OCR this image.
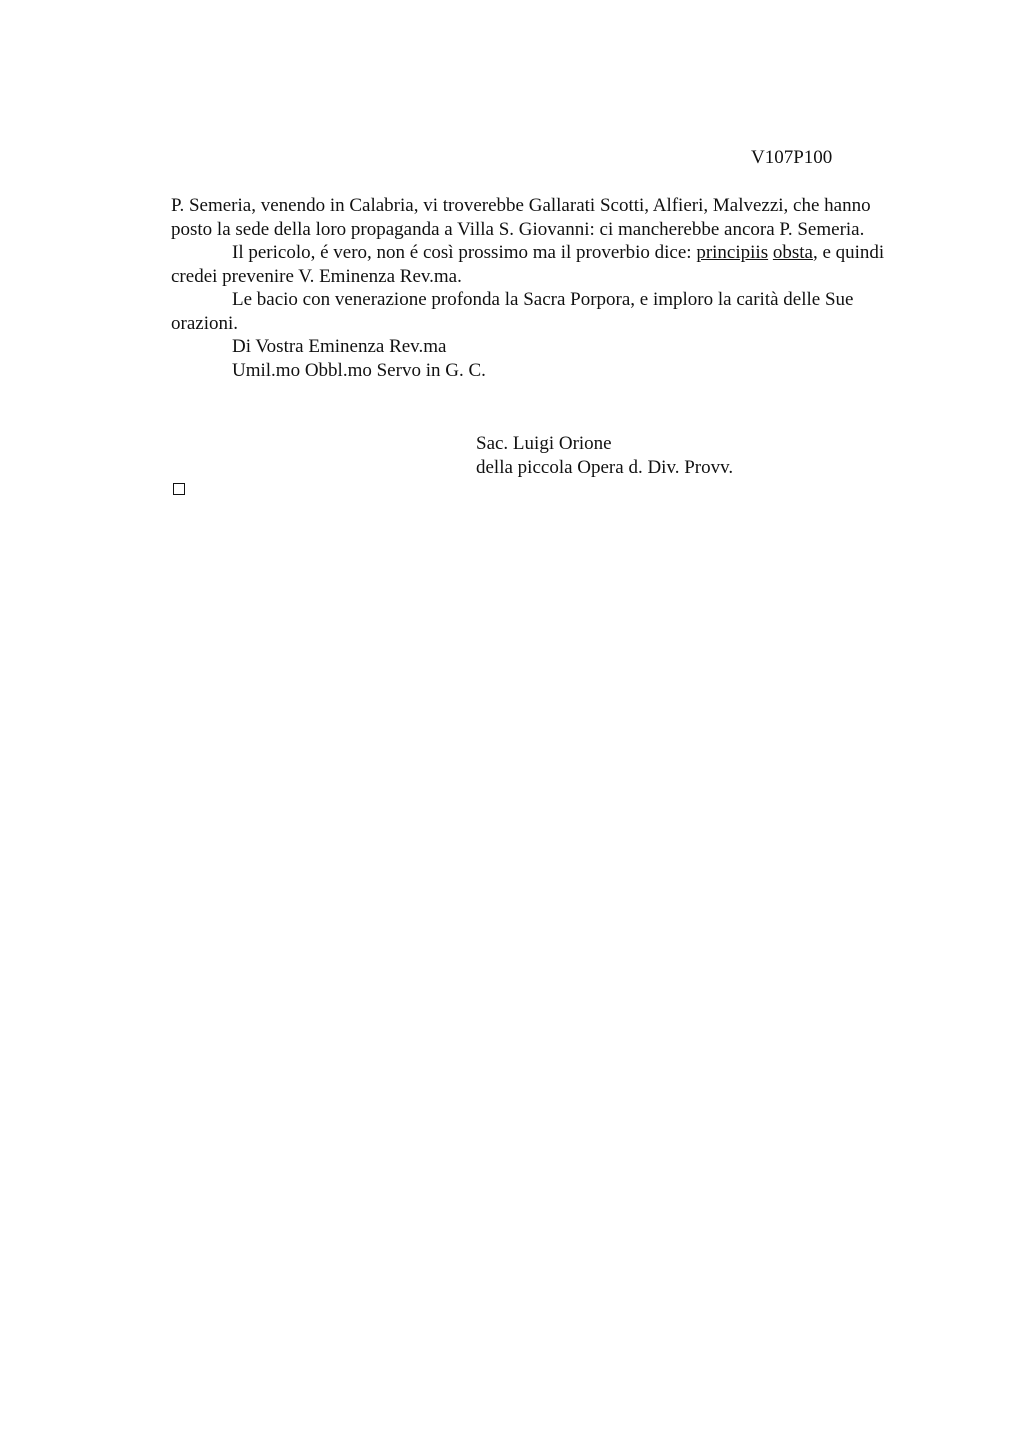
V107P100

P. Semeria, venendo in Calabria, vi troverebbe Gallarati Scotti, Alfieri, Malvezzi, che hanno posto la sede della loro propaganda a Villa S. Giovanni: ci mancherebbe ancora P. Semeria.

Il pericolo, é vero, non é così prossimo ma il proverbio dice: principiis obsta, e quindi credei prevenire V. Eminenza Rev.ma.

Le bacio con venerazione profonda la Sacra Porpora, e imploro la carità delle Sue orazioni.

Di Vostra Eminenza Rev.ma
Umil.mo Obbl.mo Servo in G. C.
Sac. Luigi Orione
della piccola Opera d. Div. Provv.
